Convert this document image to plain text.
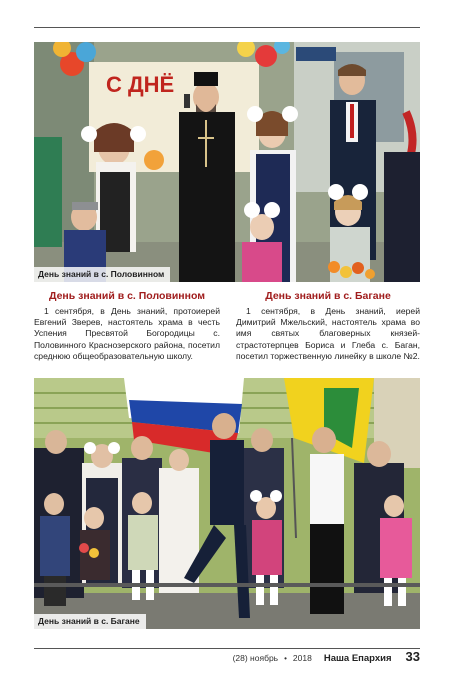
С ДНЁ
День знаний в с. Половинном
День знаний в с. Половинном

1 сентября, в День знаний, протоиерей Евгений Зверев, настоятель храма в честь Успения Пресвятой Богородицы с. Половинного Краснозерского района, посетил среднюю общеобразовательную школу.

День знаний в с. Багане

1 сентября, в День знаний, иерей Димитрий Мжельский, настоятель храма во имя святых благоверных князей-страстотерпцев Бориса и Глеба с. Баган, посетил торжественную линейку в школе №2.

День знаний в с. Багане
(28) ноябрь • 2018 Наша Епархия 33
